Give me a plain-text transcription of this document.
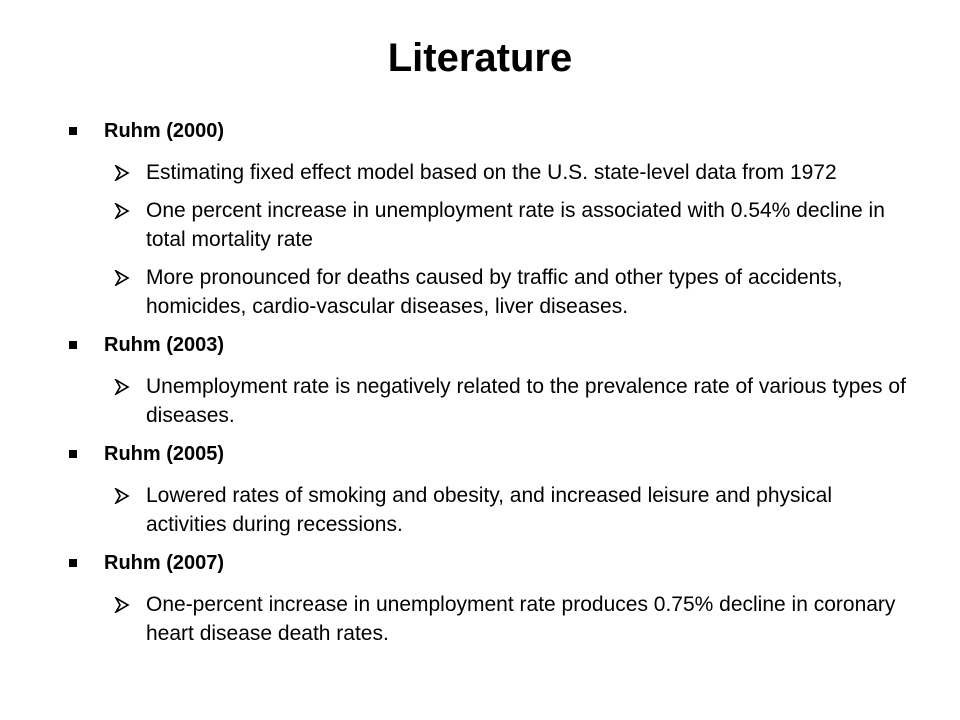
Literature
Ruhm (2000)
Estimating fixed effect model based on the U.S. state-level data from 1972
One percent increase in unemployment rate is associated with 0.54% decline in total mortality rate
More pronounced for deaths caused by traffic and other types of accidents, homicides, cardio-vascular diseases, liver diseases.
Ruhm (2003)
Unemployment rate is negatively related to the prevalence rate of various types of diseases.
Ruhm (2005)
Lowered rates of smoking and obesity, and increased leisure and physical activities during recessions.
Ruhm (2007)
One-percent increase in unemployment rate produces 0.75% decline in coronary heart disease death rates.
